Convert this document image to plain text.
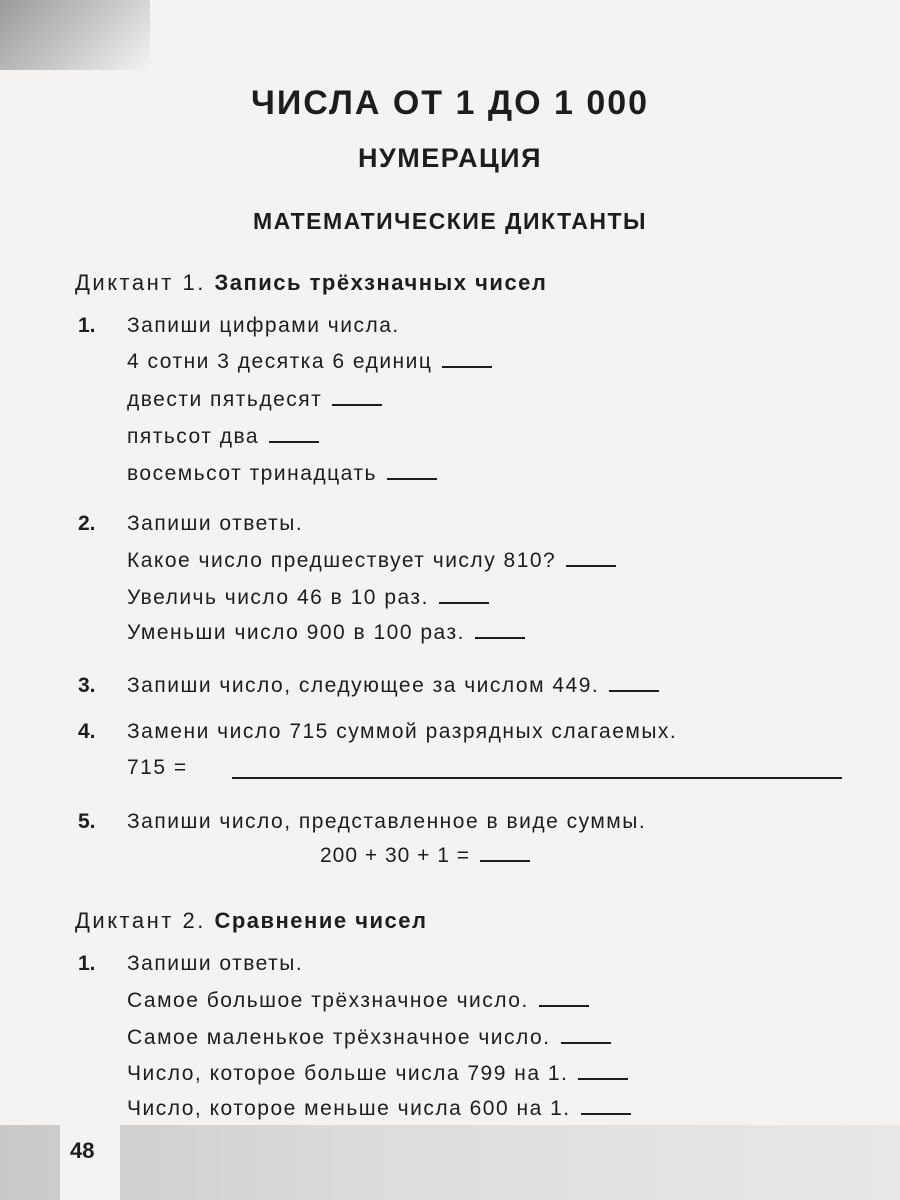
ЧИСЛА ОТ 1 ДО 1 000
НУМЕРАЦИЯ
МАТЕМАТИЧЕСКИЕ ДИКТАНТЫ
Диктант 1. Запись трёхзначных чисел
1. Запиши цифрами числа.
4 сотни 3 десятка 6 единиц
двести пятьдесят
пятьсот два
восемьсот тринадцать
2. Запиши ответы.
Какое число предшествует числу 810?
Увеличь число 46 в 10 раз.
Уменьши число 900 в 100 раз.
3. Запиши число, следующее за числом 449.
4. Замени число 715 суммой разрядных слагаемых.
715 =
5. Запиши число, представленное в виде суммы.
200 + 30 + 1 =
Диктант 2. Сравнение чисел
1. Запиши ответы.
Самое большое трёхзначное число.
Самое маленькое трёхзначное число.
Число, которое больше числа 799 на 1.
Число, которое меньше числа 600 на 1.
48
